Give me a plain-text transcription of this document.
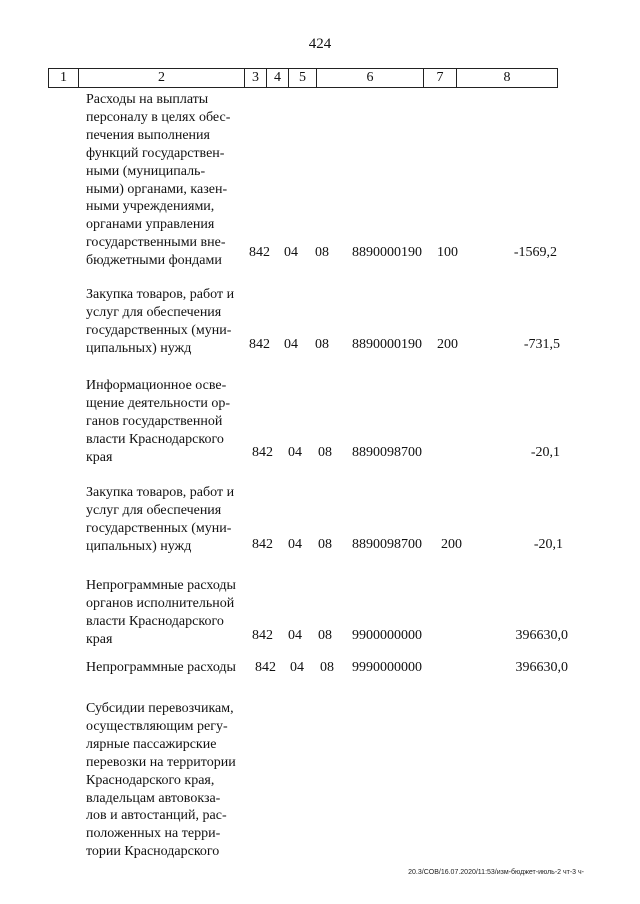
424
1	2	3	4	5	6	7	8
Расходы на выплаты
персоналу в целях обес-
печения выполнения
функций государствен-
ными (муниципаль-
ными) органами, казен-
ными учреждениями,
органами управления
государственными вне-
бюджетными фондами
842 04 08 8890000190 100	-1569,2
Закупка товаров, работ и
услуг для обеспечения
государственных (муни-
ципальных) нужд	842 04 08 8890000190 200	-731,5
Информационное осве-
щение деятельности ор-
ганов государственной
власти Краснодарского
края	842 04 08 8890098700	-20,1
Закупка товаров, работ и
услуг для обеспечения
государственных (муни-
ципальных) нужд	842 04 08 8890098700 200	-20,1
Непрограммные расходы
органов исполнительной
власти Краснодарского
края	842 04 08 9900000000	396630,0
Непрограммные расходы	842 04 08 9990000000	396630,0
Субсидии перевозчикам,
осуществляющим регу-
лярные пассажирские
перевозки на территории
Краснодарского края,
владельцам автовокза-
лов и автостанций, рас-
положенных на терри-
тории Краснодарского
20.3/COB/16.07.2020/11:53/изм-бюджет-июль-2 чт-3 ч-
